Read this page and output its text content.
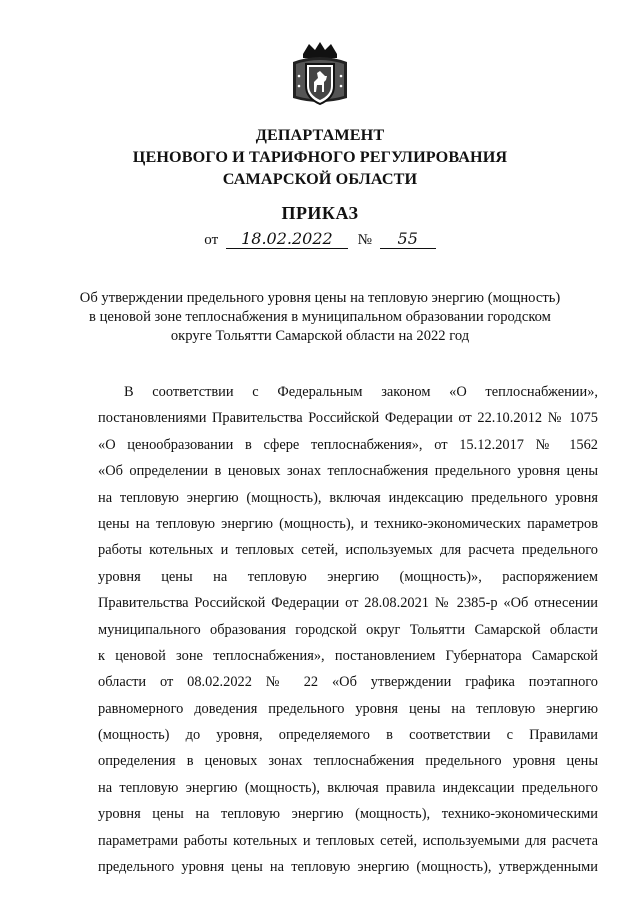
ДЕПАРТАМЕНТ
ЦЕНОВОГО И ТАРИФНОГО РЕГУЛИРОВАНИЯ
САМАРСКОЙ ОБЛАСТИ
ПРИКАЗ
от 18.02.2022 № 55
Об утверждении предельного уровня цены на тепловую энергию (мощность)
в ценовой зоне теплоснабжения в муниципальном образовании городском
округе Тольятти Самарской области на 2022 год
В соответствии с Федеральным законом «О теплоснабжении»,
постановлениями Правительства Российской Федерации от 22.10.2012 № 1075
«О ценообразовании в сфере теплоснабжения», от 15.12.2017 № 1562
«Об определении в ценовых зонах теплоснабжения предельного уровня цены
на тепловую энергию (мощность), включая индексацию предельного уровня
цены на тепловую энергию (мощность), и технико-экономических параметров
работы котельных и тепловых сетей, используемых для расчета предельного
уровня цены на тепловую энергию (мощность)», распоряжением
Правительства Российской Федерации от 28.08.2021 № 2385-р «Об отнесении
муниципального образования городской округ Тольятти Самарской области
к ценовой зоне теплоснабжения», постановлением Губернатора Самарской
области от 08.02.2022 № 22 «Об утверждении графика поэтапного
равномерного доведения предельного уровня цены на тепловую энергию
(мощность) до уровня, определяемого в соответствии с Правилами
определения в ценовых зонах теплоснабжения предельного уровня цены
на тепловую энергию (мощность), включая правила индексации предельного
уровня цены на тепловую энергию (мощность), технико-экономическими
параметрами работы котельных и тепловых сетей, используемыми для расчета
предельного уровня цены на тепловую энергию (мощность), утвержденными
